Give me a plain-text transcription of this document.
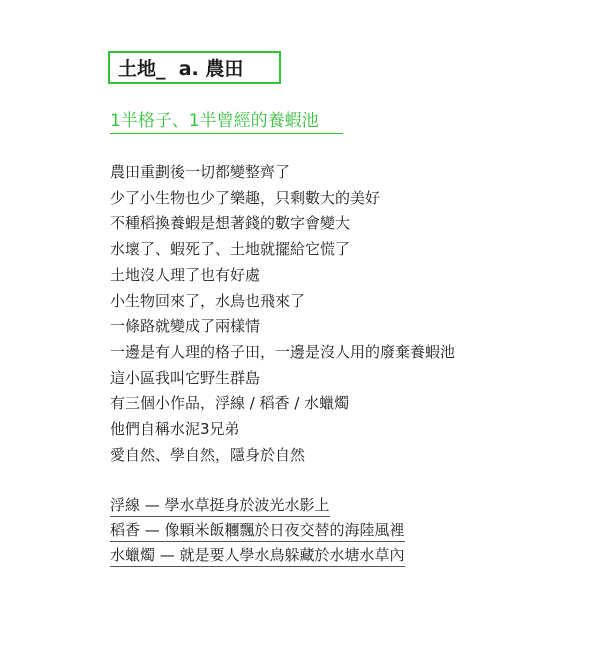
土地_  a. 農田
1半格子、1半曾經的養蝦池
農田重劃後一切都變整齊了
少了小生物也少了樂趣，只剩數大的美好
不種稻換養蝦是想著錢的數字會變大
水壞了、蝦死了、土地就擺給它慌了
土地沒人理了也有好處
小生物回來了，水鳥也飛來了
一條路就變成了兩樣情
一邊是有人理的格子田，一邊是沒人用的廢棄養蝦池
這小區我叫它野生群島
有三個小作品，浮線 / 稻香 / 水蠟燭
他們自稱水泥3兄弟
愛自然、學自然，隱身於自然
浮線 — 學水草挺身於波光水影上
稻香 — 像顆米飯糰飄於日夜交替的海陸風裡
水蠟燭 — 就是要人學水鳥躲藏於水塘水草內
